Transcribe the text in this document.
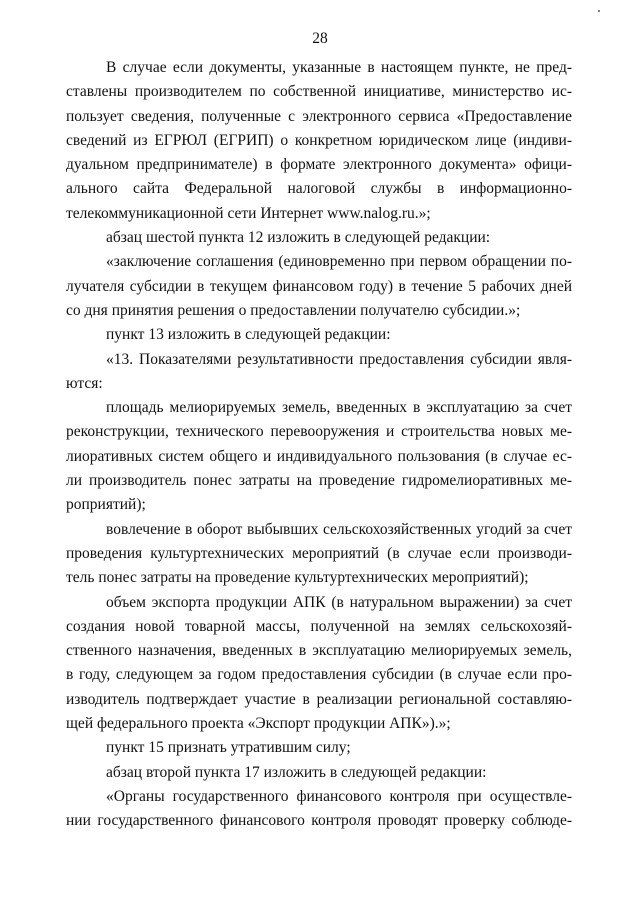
28
В случае если документы, указанные в настоящем пункте, не пред-
ставлены производителем по собственной инициативе, министерство ис-
пользует сведения, полученные с электронного сервиса «Предоставление
сведений из ЕГРЮЛ (ЕГРИП) о конкретном юридическом лице (индиви-
дуальном предпринимателе) в формате электронного документа» офици-
ального сайта Федеральной налоговой службы в информационно-
телекоммуникационной сети Интернет www.nalog.ru.»;
абзац шестой пункта 12 изложить в следующей редакции:
«заключение соглашения (единовременно при первом обращении по-
лучателя субсидии в текущем финансовом году) в течение 5 рабочих дней
со дня принятия решения о предоставлении получателю субсидии.»;
пункт 13 изложить в следующей редакции:
«13. Показателями результативности предоставления субсидии явля-
ются:
площадь мелиорируемых земель, введенных в эксплуатацию за счет
реконструкции, технического перевооружения и строительства новых ме-
лиоративных систем общего и индивидуального пользования (в случае ес-
ли производитель понес затраты на проведение гидромелиоративных ме-
роприятий);
вовлечение в оборот выбывших сельскохозяйственных угодий за счет
проведения культуртехнических мероприятий (в случае если производи-
тель понес затраты на проведение культуртехнических мероприятий);
объем экспорта продукции АПК (в натуральном выражении) за счет
создания новой товарной массы, полученной на землях сельскохозяй-
ственного назначения, введенных в эксплуатацию мелиорируемых земель,
в году, следующем за годом предоставления субсидии (в случае если про-
изводитель подтверждает участие в реализации региональной составляю-
щей федерального проекта «Экспорт продукции АПК»).»;
пункт 15 признать утратившим силу;
абзац второй пункта 17 изложить в следующей редакции:
«Органы государственного финансового контроля при осуществле-
нии государственного финансового контроля проводят проверку соблюде-
